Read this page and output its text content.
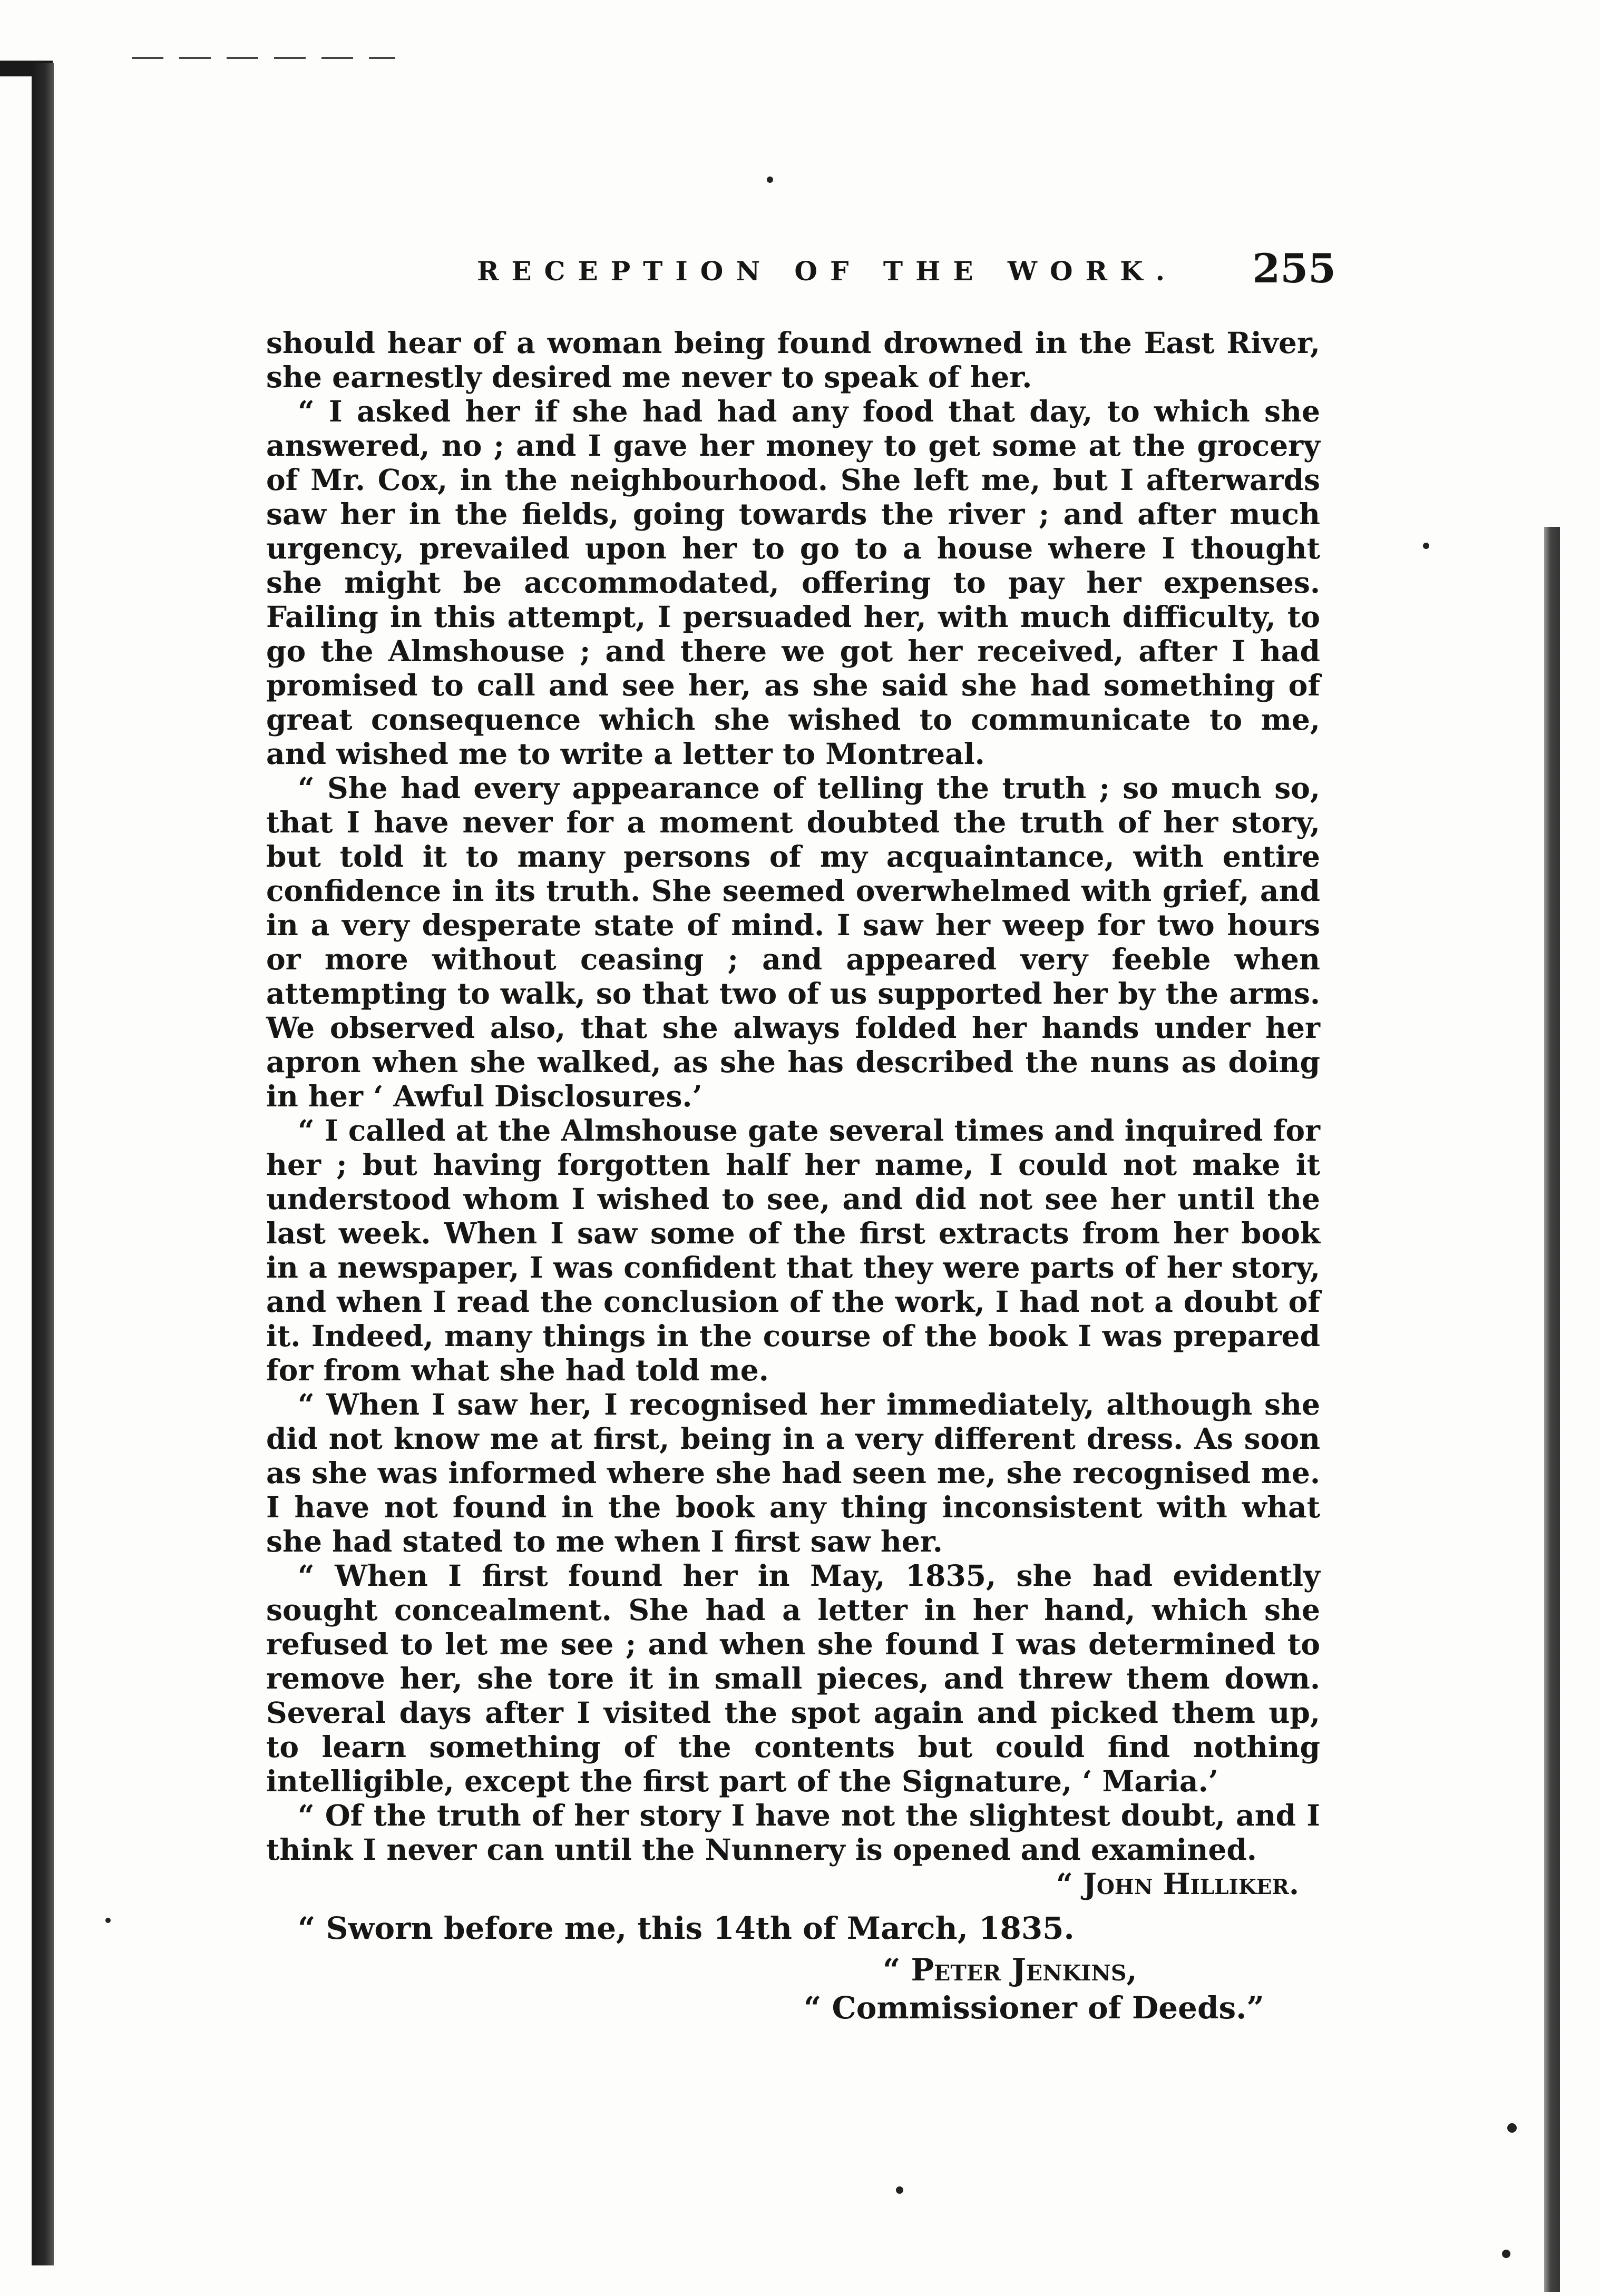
RECEPTION OF THE WORK. 255

should hear of a woman being found drowned in the East River, she earnestly desired me never to speak of her.

“ I asked her if she had had any food that day, to which she answered, no ; and I gave her money to get some at the grocery of Mr. Cox, in the neighbourhood. She left me, but I afterwards saw her in the fields, going towards the river ; and after much urgency, prevailed upon her to go to a house where I thought she might be accommodated, offering to pay her expenses. Failing in this attempt, I persuaded her, with much difficulty, to go the Almshouse ; and there we got her received, after I had promised to call and see her, as she said she had something of great consequence which she wished to communicate to me, and wished me to write a letter to Montreal.

“ She had every appearance of telling the truth ; so much so, that I have never for a moment doubted the truth of her story, but told it to many persons of my acquaintance, with entire confidence in its truth. She seemed overwhelmed with grief, and in a very desperate state of mind. I saw her weep for two hours or more without ceasing ; and appeared very feeble when attempting to walk, so that two of us supported her by the arms. We observed also, that she always folded her hands under her apron when she walked, as she has described the nuns as doing in her ‘ Awful Disclosures.’

“ I called at the Almshouse gate several times and inquired for her ; but having forgotten half her name, I could not make it understood whom I wished to see, and did not see her until the last week. When I saw some of the first extracts from her book in a newspaper, I was confident that they were parts of her story, and when I read the conclusion of the work, I had not a doubt of it. Indeed, many things in the course of the book I was prepared for from what she had told me.

“ When I saw her, I recognised her immediately, although she did not know me at first, being in a very different dress. As soon as she was informed where she had seen me, she recognised me. I have not found in the book any thing inconsistent with what she had stated to me when I first saw her.

“ When I first found her in May, 1835, she had evidently sought concealment. She had a letter in her hand, which she refused to let me see ; and when she found I was determined to remove her, she tore it in small pieces, and threw them down. Several days after I visited the spot again and picked them up, to learn something of the contents but could find nothing intelligible, except the first part of the Signature, ‘ Maria.’

“ Of the truth of her story I have not the slightest doubt, and I think I never can until the Nunnery is opened and examined.

“ John Hilliker.

“ Sworn before me, this 14th of March, 1835.

“ Peter Jenkins,
“ Commissioner of Deeds.”
